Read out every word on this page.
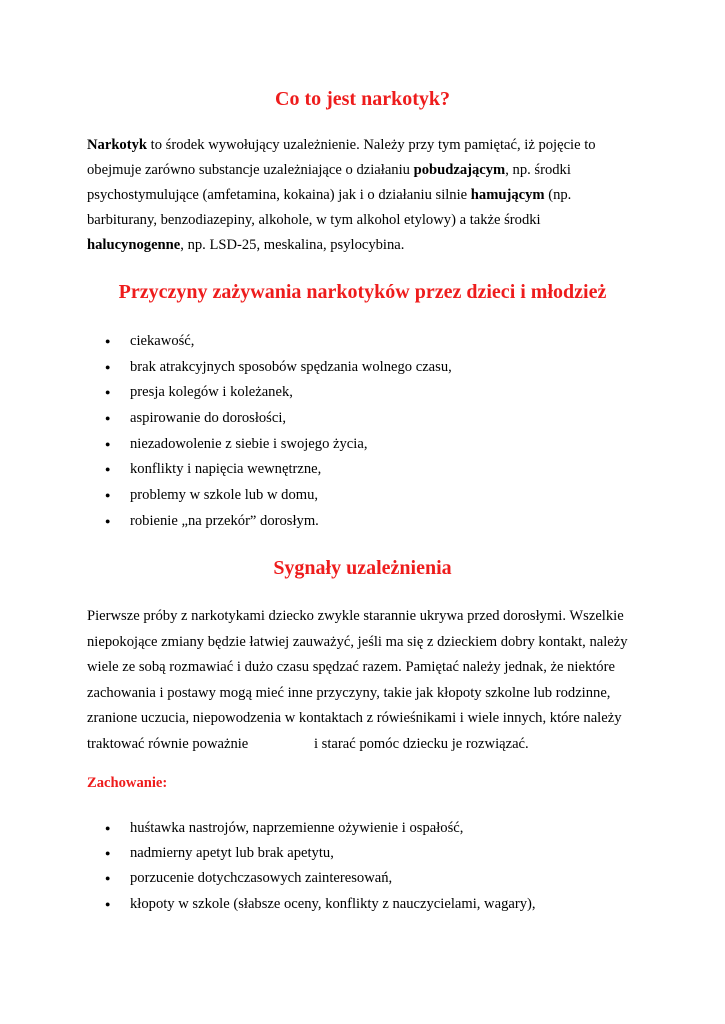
Co to jest narkotyk?

Narkotyk to środek wywołujący uzależnienie. Należy przy tym pamiętać, iż pojęcie to
obejmuje zarówno substancje uzależniające o działaniu pobudzającym, np. środki
psychostymulujące (amfetamina, kokaina) jak i o działaniu silnie hamującym (np.
barbiturany, benzodiazepiny, alkohole, w tym alkohol etylowy) a także środki
halucynogenne, np. LSD-25, meskalina, psylocybina.

Przyczyny zażywania narkotyków przez dzieci i młodzież
● ciekawość,
● brak atrakcyjnych sposobów spędzania wolnego czasu,
● presja kolegów i koleżanek,
● aspirowanie do dorosłości,
● niezadowolenie z siebie i swojego życia,
● konflikty i napięcia wewnętrzne,
● problemy w szkole lub w domu,
● robienie „na przekór” dorosłym.
Sygnały uzależnienia

Pierwsze próby z narkotykami dziecko zwykle starannie ukrywa przed dorosłymi. Wszelkie
niepokojące zmiany będzie łatwiej zauważyć, jeśli ma się z dzieckiem dobry kontakt, należy
wiele ze sobą rozmawiać i dużo czasu spędzać razem. Pamiętać należy jednak, że niektóre
zachowania i postawy mogą mieć inne przyczyny, takie jak kłopoty szkolne lub rodzinne,
zranione uczucia, niepowodzenia w kontaktach z rówieśnikami i wiele innych, które należy
traktować równie poważnie                  i starać pomóc dziecku je rozwiązać.

Zachowanie:

● huśtawka nastrojów, naprzemienne ożywienie i ospałość,
● nadmierny apetyt lub brak apetytu,
● porzucenie dotychczasowych zainteresowań,
● kłopoty w szkole (słabsze oceny, konflikty z nauczycielami, wagary),
